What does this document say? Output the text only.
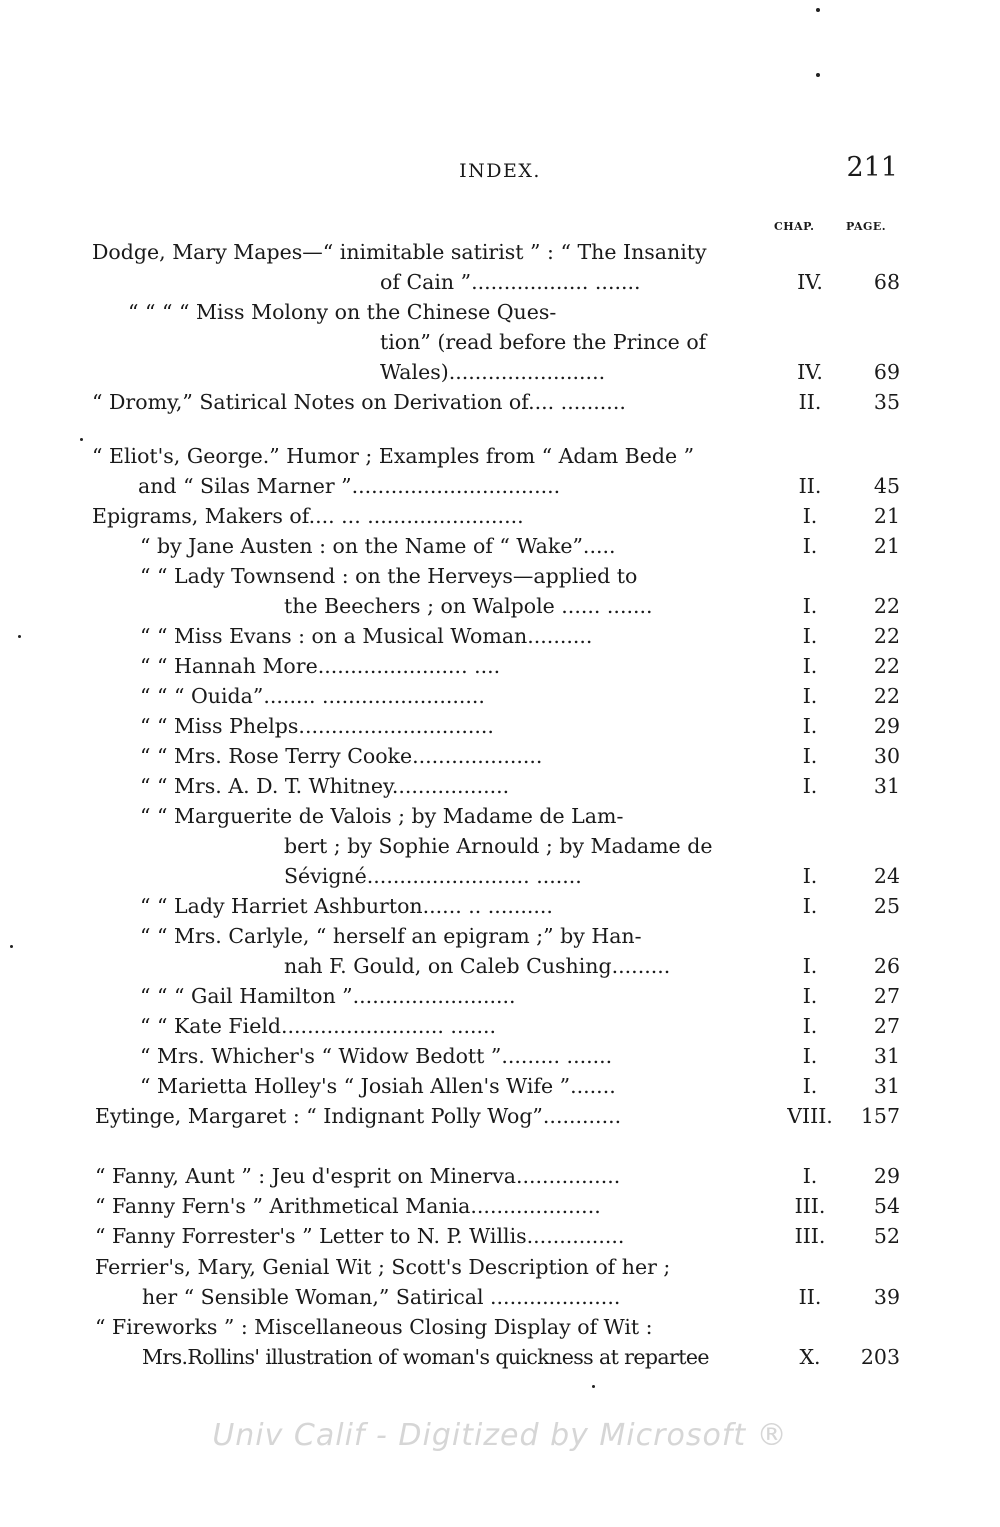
INDEX.	211
CHAP.	PAGE.
Dodge, Mary Mapes—“ inimitable satirist ” : “ The Insanity
of Cain ”.................. .......	IV.	68
“ “ “ “ Miss Molony on the Chinese Ques-
tion” (read before the Prince of
Wales)........................	IV.	69
“ Dromy,” Satirical Notes on Derivation of.... ..........	II.	35
“ Eliot's, George.” Humor ; Examples from “ Adam Bede ”
and “ Silas Marner ”................................	II.	45
Epigrams, Makers of.... ... ........................	I.	21
“ by Jane Austen : on the Name of “ Wake”.....	I.	21
“ “ Lady Townsend : on the Herveys—applied to
the Beechers ; on Walpole ...... .......	I.	22
“ “ Miss Evans : on a Musical Woman..........	I.	22
“ “ Hannah More....................... ....	I.	22
“ “ “ Ouida”........ .........................	I.	22
“ “ Miss Phelps..............................	I.	29
“ “ Mrs. Rose Terry Cooke....................	I.	30
“ “ Mrs. A. D. T. Whitney..................	I.	31
“ “ Marguerite de Valois ; by Madame de Lam-
bert ; by Sophie Arnould ; by Madame de
Sévigné......................... .......	I.	24
“ “ Lady Harriet Ashburton...... .. ..........	I.	25
“ “ Mrs. Carlyle, “ herself an epigram ;” by Han-
nah F. Gould, on Caleb Cushing.........	I.	26
“ “ “ Gail Hamilton ”.........................	I.	27
“ “ Kate Field......................... .......	I.	27
“ Mrs. Whicher's “ Widow Bedott ”......... .......	I.	31
“ Marietta Holley's “ Josiah Allen's Wife ”.......	I.	31
Eytinge, Margaret : “ Indignant Polly Wog”............	VIII.	157
“ Fanny, Aunt ” : Jeu d'esprit on Minerva................	I.	29
“ Fanny Fern's ” Arithmetical Mania....................	III.	54
“ Fanny Forrester's ” Letter to N. P. Willis...............	III.	52
Ferrier's, Mary, Genial Wit ; Scott's Description of her ;
her “ Sensible Woman,” Satirical ....................	II.	39
“ Fireworks ” : Miscellaneous Closing Display of Wit :
Mrs.Rollins' illustration of woman's quickness at repartee	X.	203
Univ Calif - Digitized by Microsoft ®
